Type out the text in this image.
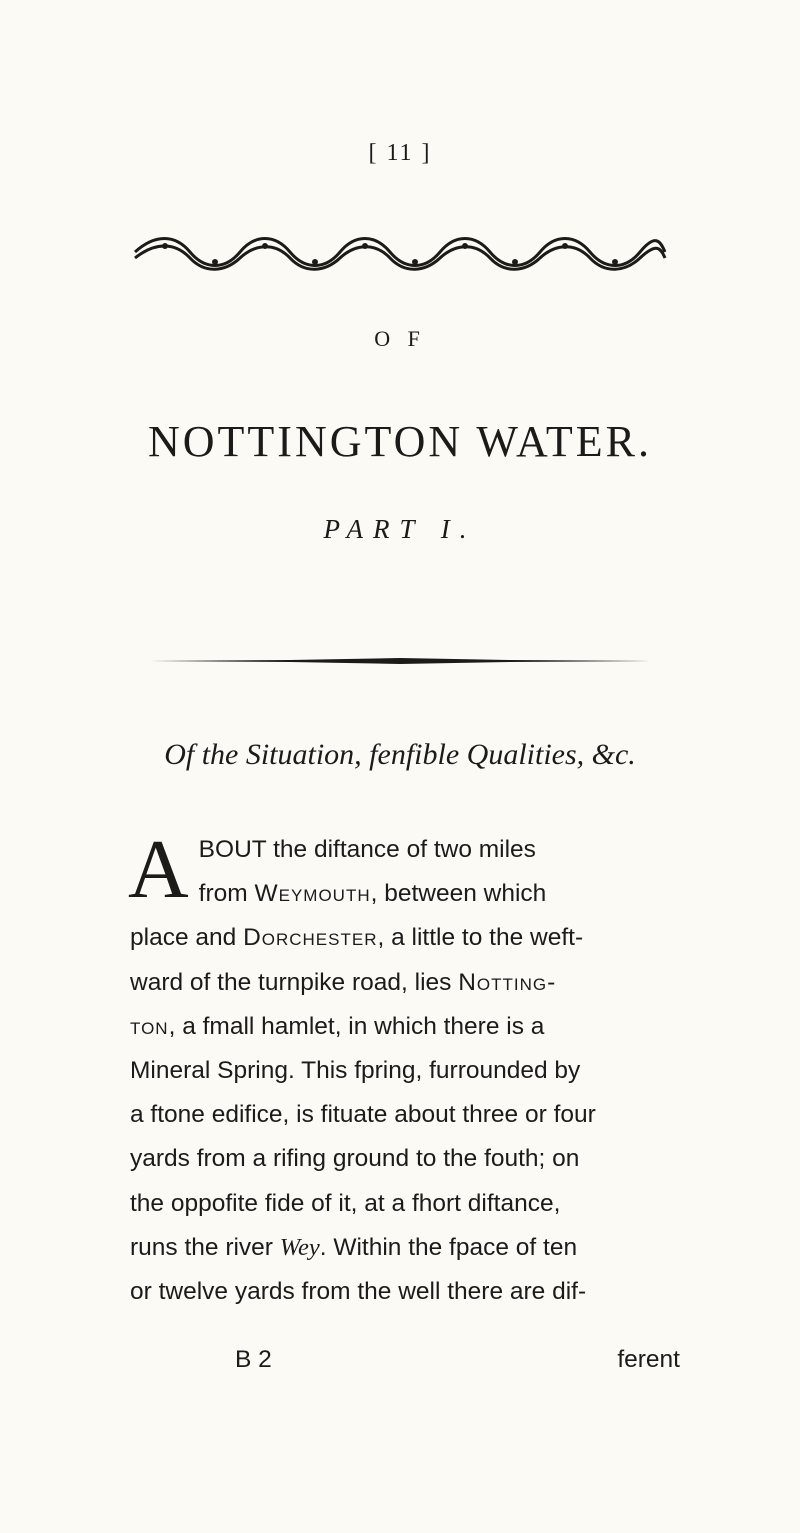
[ 11 ]
O F
NOTTINGTON WATER.
PART I.
Of the Situation, fenfible Qualities, &c.
A BOUT the diftance of two miles
from Weymouth, between which
place and Dorchester, a little to the weft-
ward of the turnpike road, lies Notting-
ton, a fmall hamlet, in which there is a
Mineral Spring. This fpring, furrounded by
a ftone edifice, is fituate about three or four
yards from a rifing ground to the fouth; on
the oppofite fide of it, at a fhort diftance,
runs the river Wey. Within the fpace of ten
or twelve yards from the well there are dif-
B 2	ferent
